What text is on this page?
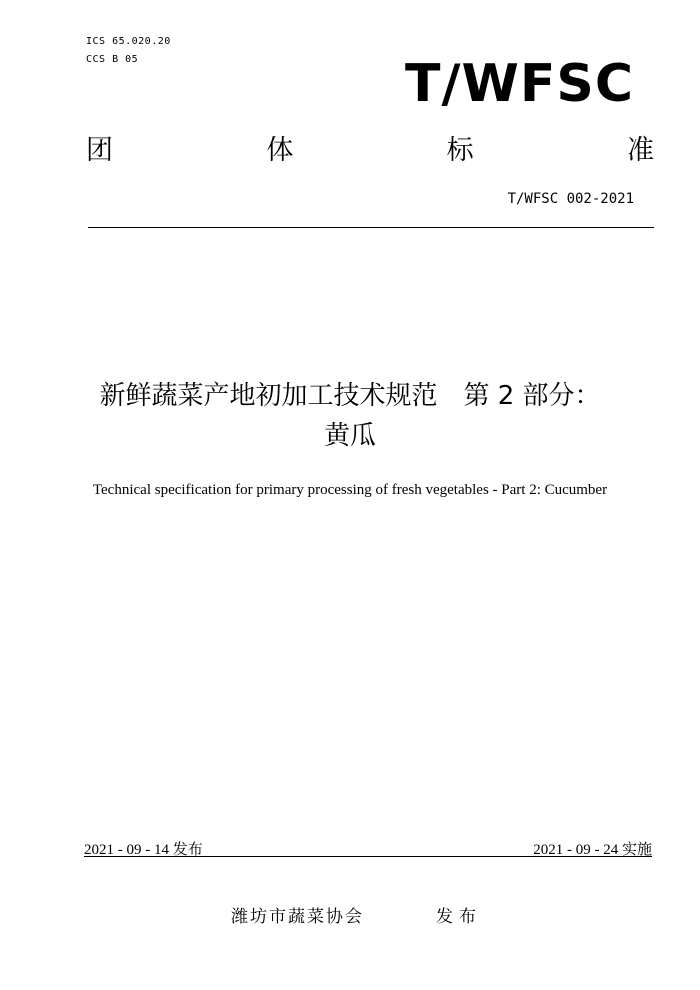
ICS 65.020.20
CCS B 05	T/WFSC
团	体	标	准
T/WFSC 002-2021
新鲜蔬菜产地初加工技术规范　第 2 部分：
黄瓜
Technical specification for primary processing of fresh vegetables - Part 2: Cucumber
2021 - 09 - 14 发布	2021 - 09 - 24 实施
潍坊市蔬菜协会	发布
